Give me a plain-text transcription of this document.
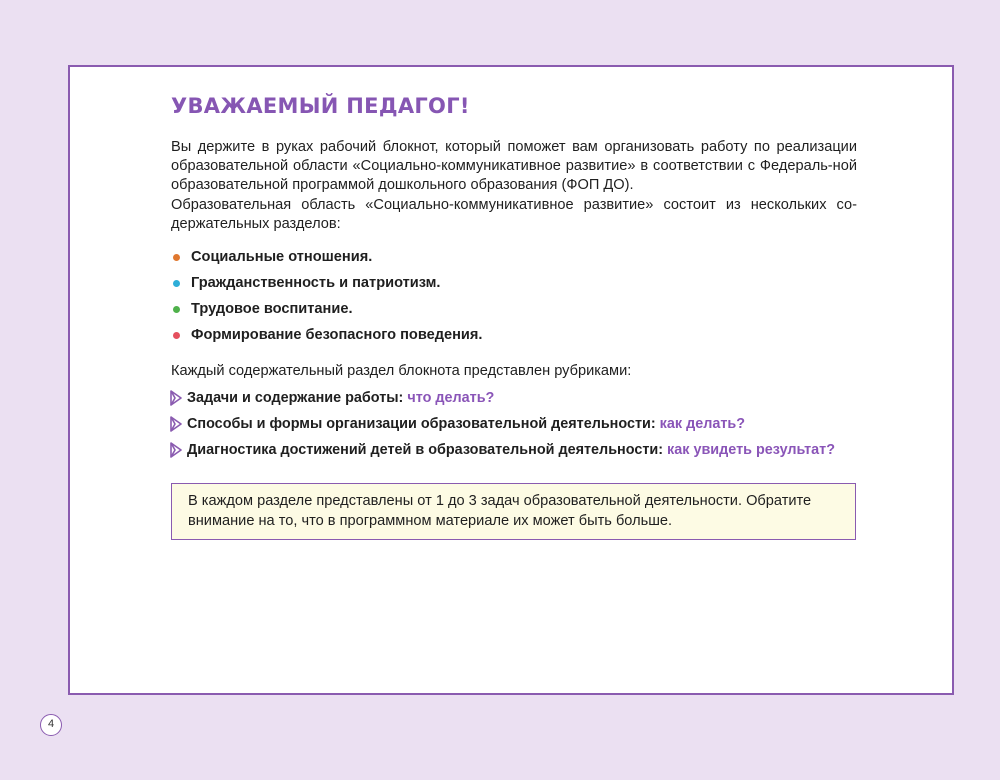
УВАЖАЕМЫЙ ПЕДАГОГ!

Вы держите в руках рабочий блокнот, который поможет вам организовать работу по реализации образовательной области «Социально-коммуникативное развитие» в соответствии с Федераль-ной образовательной программой дошкольного образования (ФОП ДО).

Образовательная область «Социально-коммуникативное развитие» состоит из нескольких со-держательных разделов:

Социальные отношения.
Гражданственность и патриотизм.
Трудовое воспитание.
Формирование безопасного поведения.
Каждый содержательный раздел блокнота представлен рубриками:
Задачи и содержание работы: что делать?
Способы и формы организации образовательной деятельности: как делать?
Диагностика достижений детей в образовательной деятельности: как увидеть результат?
В каждом разделе представлены от 1 до 3 задач образовательной деятельности. Обратите внимание на то, что в программном материале их может быть больше.
4
